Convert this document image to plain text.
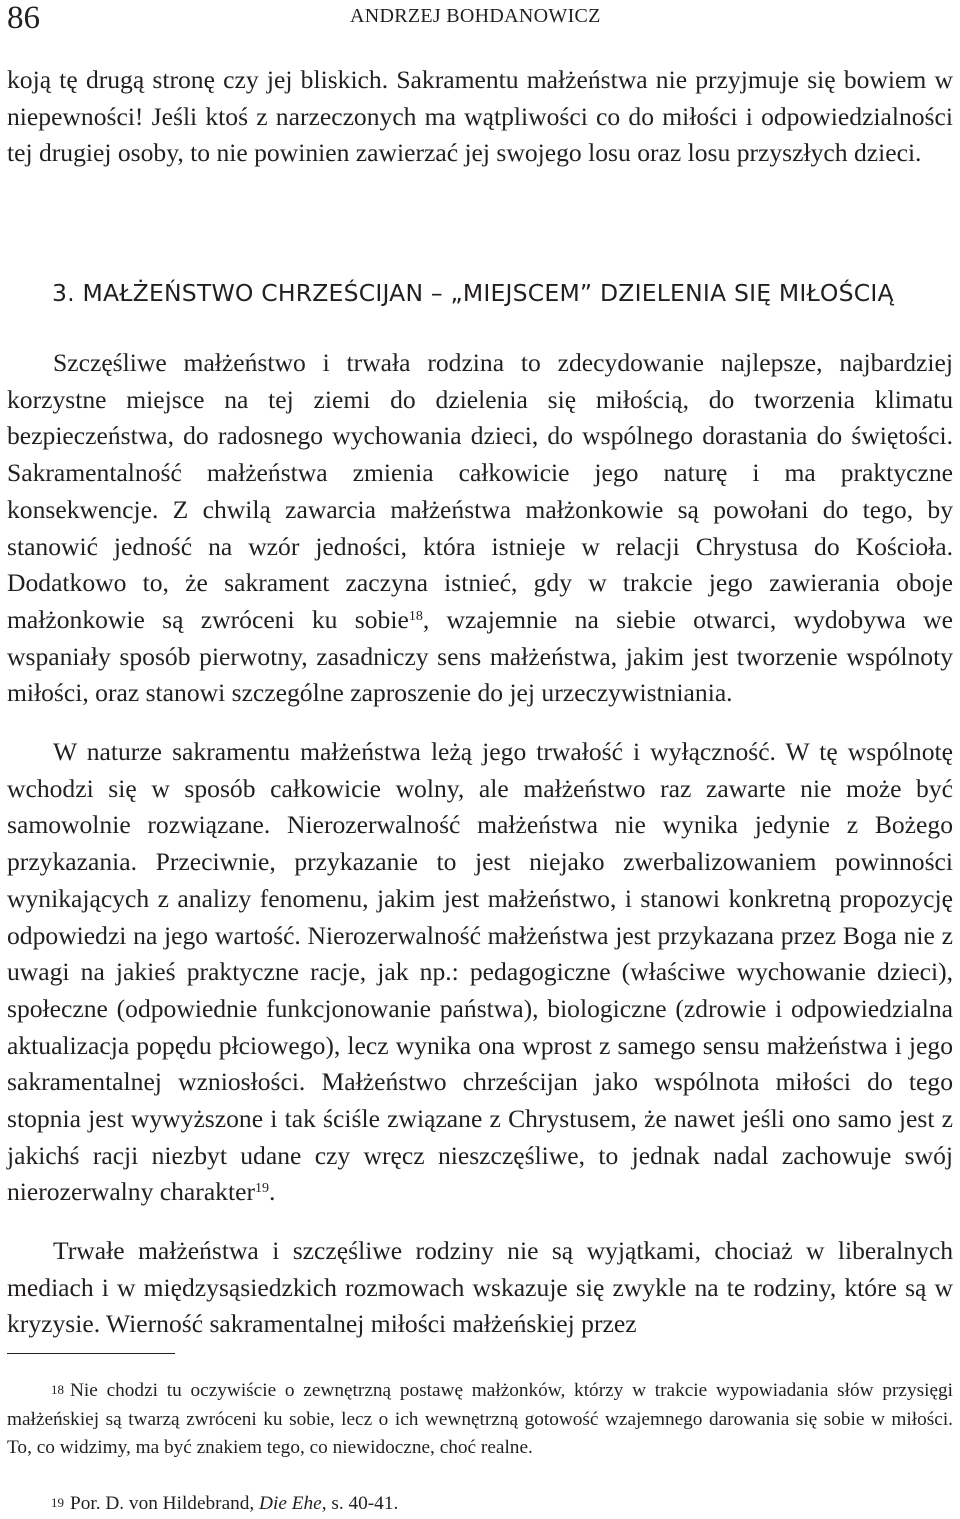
86	ANDRZEJ BOHDANOWICZ

koją tę drugą stronę czy jej bliskich. Sakramentu małżeństwa nie przyjmuje się bowiem w niepewności! Jeśli ktoś z narzeczonych ma wątpliwości co do miłości i odpowiedzialności tej drugiej osoby, to nie powinien zawierzać jej swojego losu oraz losu przyszłych dzieci.

3. MAŁŻEŃSTWO CHRZEŚCIJAN – „MIEJSCEM” DZIELENIA SIĘ MIŁOŚCIĄ

Szczęśliwe małżeństwo i trwała rodzina to zdecydowanie najlepsze, najbardziej korzystne miejsce na tej ziemi do dzielenia się miłością, do tworzenia klimatu bezpieczeństwa, do radosnego wychowania dzieci, do wspólnego dorastania do świętości. Sakramentalność małżeństwa zmienia całkowicie jego naturę i ma praktyczne konsekwencje. Z chwilą zawarcia małżeństwa małżonkowie są powołani do tego, by stanowić jedność na wzór jedności, która istnieje w relacji Chrystusa do Kościoła. Dodatkowo to, że sakrament zaczyna istnieć, gdy w trakcie jego zawierania oboje małżonkowie są zwróceni ku sobie$^{18}$, wzajemnie na siebie otwarci, wydobywa we wspaniały sposób pierwotny, zasadniczy sens małżeństwa, jakim jest tworzenie wspólnoty miłości, oraz stanowi szczególne zaproszenie do jej urzeczywistniania.

W naturze sakramentu małżeństwa leżą jego trwałość i wyłączność. W tę wspólnotę wchodzi się w sposób całkowicie wolny, ale małżeństwo raz zawarte nie może być samowolnie rozwiązane. Nierozerwalność małżeństwa nie wynika jedynie z Bożego przykazania. Przeciwnie, przykazanie to jest niejako zwerbalizowaniem powinności wynikających z analizy fenomenu, jakim jest małżeństwo, i stanowi konkretną propozycję odpowiedzi na jego wartość. Nierozerwalność małżeństwa jest przykazana przez Boga nie z uwagi na jakieś praktyczne racje, jak np.: pedagogiczne (właściwe wychowanie dzieci), społeczne (odpowiednie funkcjonowanie państwa), biologiczne (zdrowie i odpowiedzialna aktualizacja popędu płciowego), lecz wynika ona wprost z samego sensu małżeństwa i jego sakramentalnej wzniosłości. Małżeństwo chrześcijan jako wspólnota miłości do tego stopnia jest wywyższone i tak ściśle związane z Chrystusem, że nawet jeśli ono samo jest z jakichś racji niezbyt udane czy wręcz nieszczęśliwe, to jednak nadal zachowuje swój nierozerwalny charakter$^{19}$.

Trwałe małżeństwa i szczęśliwe rodziny nie są wyjątkami, chociaż w liberalnych mediach i w międzysąsiedzkich rozmowach wskazuje się zwykle na te rodziny, które są w kryzysie. Wierność sakramentalnej miłości małżeńskiej przez

$^{18}$ Nie chodzi tu oczywiście o zewnętrzną postawę małżonków, którzy w trakcie wypowiadania słów przysięgi małżeńskiej są twarzą zwróceni ku sobie, lecz o ich wewnętrzną gotowość wzajemnego darowania się sobie w miłości. To, co widzimy, ma być znakiem tego, co niewidoczne, choć realne.

$^{19}$ Por. D. von Hildebrand, Die Ehe, s. 40-41.
